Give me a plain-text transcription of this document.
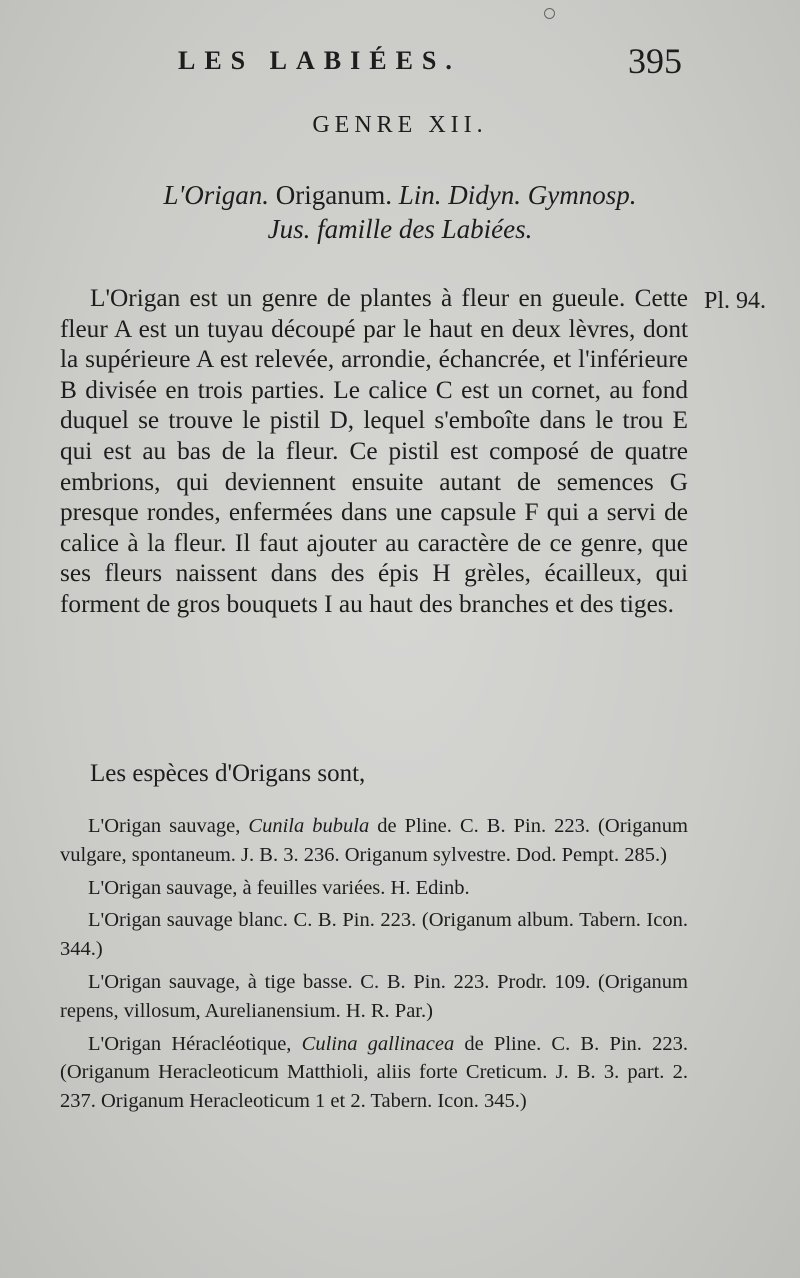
LES LABIÉES.	395
GENRE XII.
L'Origan. Origanum. Lin. Didyn. Gymnosp.
Jus. famille des Labiées.

L'Origan est un genre de plantes à fleur en gueule. Cette fleur A est un tuyau découpé par le haut en deux lèvres, dont la supérieure A est relevée, arrondie, échancrée, et l'inférieure B divisée en trois parties. Le calice C est un cornet, au fond duquel se trouve le pistil D, lequel s'emboîte dans le trou E qui est au bas de la fleur. Ce pistil est composé de quatre embrions, qui deviennent ensuite autant de semences G presque rondes, enfermées dans une capsule F qui a servi de calice à la fleur. Il faut ajouter au caractère de ce genre, que ses fleurs naissent dans des épis H grèles, écailleux, qui forment de gros bouquets I au haut des branches et des tiges.

Pl. 94.
Les espèces d'Origans sont,

L'Origan sauvage, Cunila bubula de Pline. C. B. Pin. 223. (Origanum vulgare, spontaneum. J. B. 3. 236. Origanum sylvestre. Dod. Pempt. 285.)

L'Origan sauvage, à feuilles variées. H. Edinb.

L'Origan sauvage blanc. C. B. Pin. 223. (Origanum album. Tabern. Icon. 344.)

L'Origan sauvage, à tige basse. C. B. Pin. 223. Prodr. 109. (Origanum repens, villosum, Aurelianensium. H. R. Par.)

L'Origan Héracléotique, Culina gallinacea de Pline. C. B. Pin. 223. (Origanum Heracleoticum Matthioli, aliis forte Creticum. J. B. 3. part. 2. 237. Origanum Heracleoticum 1 et 2. Tabern. Icon. 345.)
